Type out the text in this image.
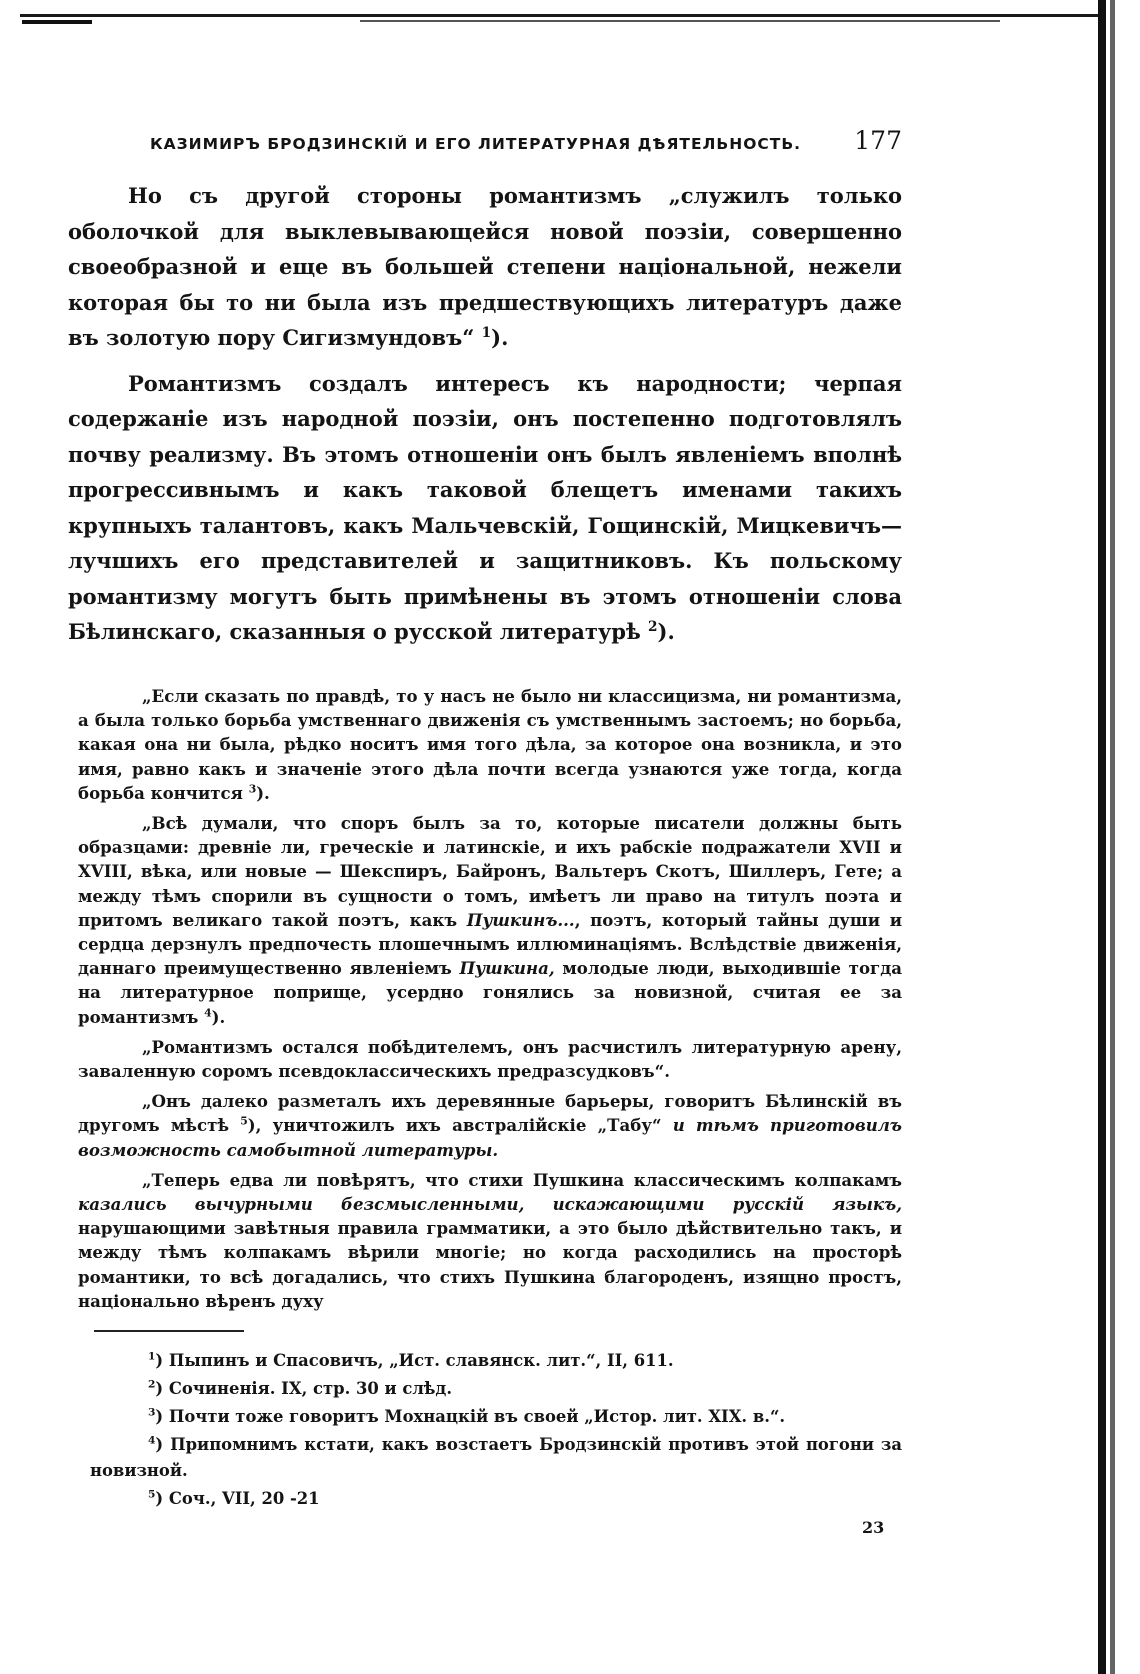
КАЗИМИРЪ БРОДЗИНСКІЙ И ЕГО ЛИТЕРАТУРНАЯ ДѢЯТЕЛЬНОСТЬ. 177

Но съ другой стороны романтизмъ „служилъ только оболочкой для выклевывающейся новой поэзіи, совершенно своеобразной и еще въ большей степени національной, нежели которая бы то ни была изъ предшествующихъ литературъ даже въ золотую пору Сигизмундовъ“ $^1$).

Романтизмъ создалъ интересъ къ народности; черпая содержаніе изъ народной поэзіи, онъ постепенно подготовлялъ почву реализму. Въ этомъ отношеніи онъ былъ явленіемъ вполнѣ прогрессивнымъ и какъ таковой блещетъ именами такихъ крупныхъ талантовъ, какъ Мальчевскій, Гощинскій, Мицкевичъ—лучшихъ его представителей и защитниковъ. Къ польскому романтизму могутъ быть примѣнены въ этомъ отношеніи слова Бѣлинскаго, сказанныя о русской литературѣ $^2$).

„Если сказать по правдѣ, то у насъ не было ни классицизма, ни романтизма, а была только борьба умственнаго движенія съ умственнымъ застоемъ; но борьба, какая она ни была, рѣдко носитъ имя того дѣла, за которое она возникла, и это имя, равно какъ и значеніе этого дѣла почти всегда узнаются уже тогда, когда борьба кончится $^3$).

„Всѣ думали, что споръ былъ за то, которые писатели должны быть образцами: древніе ли, греческіе и латинскіе, и ихъ рабскіе подражатели XVII и XVIII, вѣка, или новые — Шекспиръ, Байронъ, Вальтеръ Скотъ, Шиллеръ, Гете; а между тѣмъ спорили въ сущности о томъ, имѣетъ ли право на титулъ поэта и притомъ великаго такой поэтъ, какъ Пушкинъ..., поэтъ, который тайны души и сердца дерзнулъ предпочесть плошечнымъ иллюминаціямъ. Вслѣдствіе движенія, даннаго преимущественно явленіемъ Пушкина, молодые люди, выходившіе тогда на литературное поприще, усердно гонялись за новизной, считая ее за романтизмъ $^4$).

„Романтизмъ остался побѣдителемъ, онъ расчистилъ литературную арену, заваленную соромъ псевдоклассическихъ предразсудковъ“.

„Онъ далеко разметалъ ихъ деревянные барьеры, говоритъ Бѣлинскій въ другомъ мѣстѣ $^5$), уничтожилъ ихъ австралійскіе „Табу“ и тѣмъ приготовилъ возможность самобытной литературы.

„Теперь едва ли повѣрятъ, что стихи Пушкина классическимъ колпакамъ казались вычурными безсмысленными, искажающими русскій языкъ, нарушающими завѣтныя правила грамматики, а это было дѣйствительно такъ, и между тѣмъ колпакамъ вѣрили многіе; но когда расходились на просторѣ романтики, то всѣ догадались, что стихъ Пушкина благороденъ, изящно простъ, національно вѣренъ духу

$^1$) Пыпинъ и Спасовичъ, „Ист. славянск. лит.“, II, 611.

$^2$) Сочиненія. IX, стр. 30 и слѣд.

$^3$) Почти тоже говоритъ Мохнацкій въ своей „Истор. лит. XIX. в.“.

$^4$) Припомнимъ кстати, какъ возстаетъ Бродзинскій противъ этой погони за новизной.

$^5$) Соч., VII, 20 -21

23
